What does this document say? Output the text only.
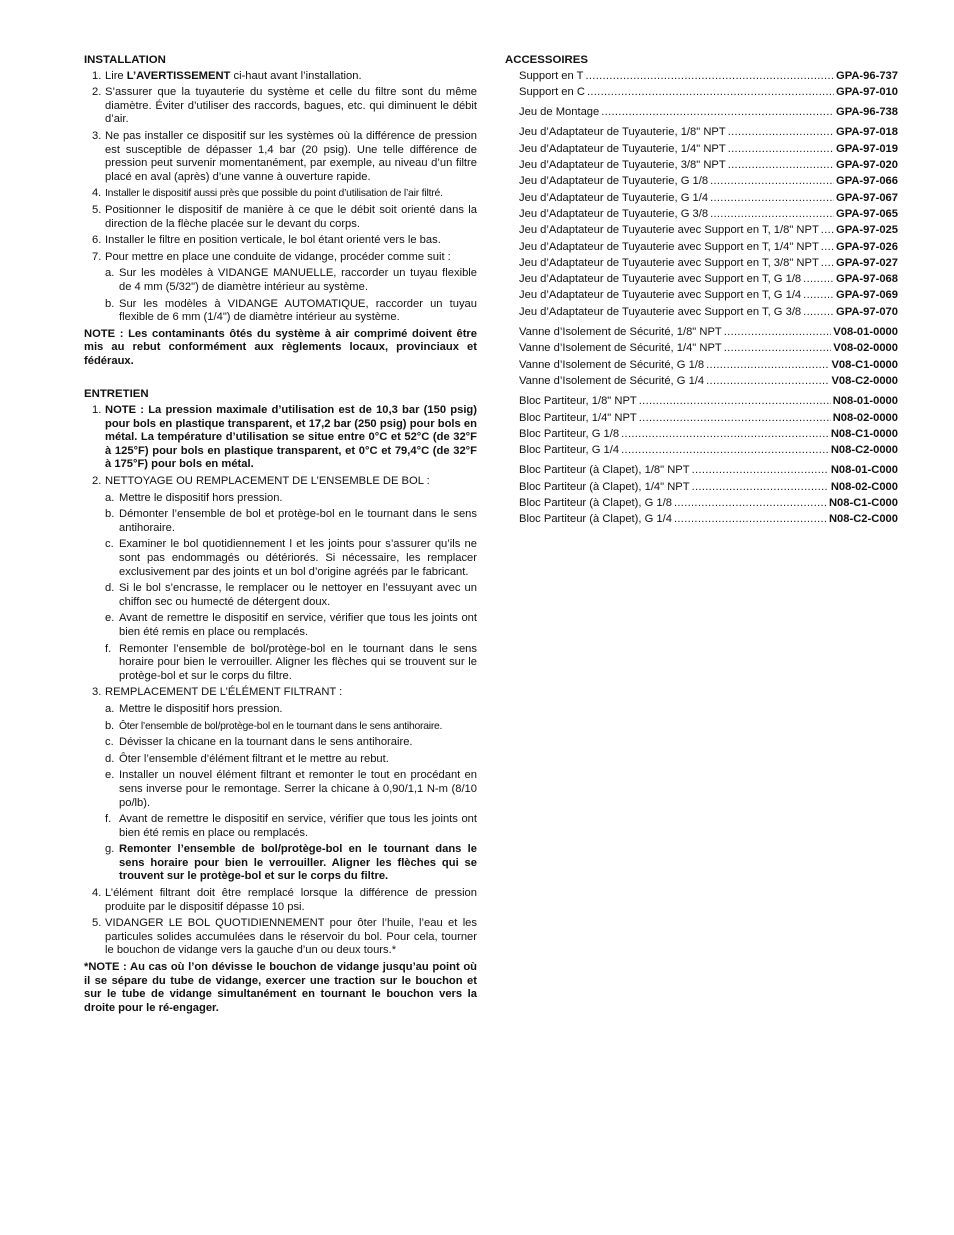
INSTALLATION

1. Lire L’AVERTISSEMENT ci-haut avant l’installation.
2. S’assurer que la tuyauterie du système et celle du filtre sont du même diamètre. Éviter d’utiliser des raccords, bagues, etc. qui diminuent le débit d’air.
3. Ne pas installer ce dispositif sur les systèmes où la différence de pression est susceptible de dépasser 1,4 bar (20 psig). Une telle différence de pression peut survenir momentanément, par exemple, au niveau d’un filtre placé en aval (après) d’une vanne à ouverture rapide.
4. Installer le dispositif aussi près que possible du point d’utilisation de l’air filtré.
5. Positionner le dispositif de manière à ce que le débit soit orienté dans la direction de la flèche placée sur le devant du corps.
6. Installer le filtre en position verticale, le bol étant orienté vers le bas.
7. Pour mettre en place une conduite de vidange, procéder comme suit :
a. Sur les modèles à VIDANGE MANUELLE, raccorder un tuyau flexible de 4 mm (5/32") de diamètre intérieur au système.
b. Sur les modèles à VIDANGE AUTOMATIQUE, raccorder un tuyau flexible de 6 mm (1/4") de diamètre intérieur au système.

NOTE : Les contaminants ôtés du système à air comprimé doivent être mis au rebut conformément aux règlements locaux, provinciaux et fédéraux.

ENTRETIEN

1. NOTE : La pression maximale d’utilisation est de 10,3 bar (150 psig) pour bols en plastique transparent, et 17,2 bar (250 psig) pour bols en métal. La température d’utilisation se situe entre 0°C et 52°C (de 32°F à 125°F) pour bols en plastique transparent, et 0°C et 79,4°C (de 32°F à 175°F) pour bols en métal.
2. NETTOYAGE OU REMPLACEMENT DE L’ENSEMBLE DE BOL :
a. Mettre le dispositif hors pression.
b. Démonter l’ensemble de bol et protège-bol en le tournant dans le sens antihoraire.
c. Examiner le bol quotidiennement l et les joints pour s’assurer qu’ils ne sont pas endommagés ou détériorés. Si nécessaire, les remplacer exclusivement par des joints et un bol d’origine agréés par le fabricant.
d. Si le bol s’encrasse, le remplacer ou le nettoyer en l’essuyant avec un chiffon sec ou humecté de détergent doux.
e. Avant de remettre le dispositif en service, vérifier que tous les joints ont bien été remis en place ou remplacés.
f. Remonter l’ensemble de bol/protège-bol en le tournant dans le sens horaire pour bien le verrouiller. Aligner les flèches qui se trouvent sur le protège-bol et sur le corps du filtre.
3. REMPLACEMENT DE L’ÉLÉMENT FILTRANT :
a. Mettre le dispositif hors pression.
b. Ôter l’ensemble de bol/protège-bol en le tournant dans le sens antihoraire.
c. Dévisser la chicane en la tournant dans le sens antihoraire.
d. Ôter l’ensemble d’élément filtrant et le mettre au rebut.
e. Installer un nouvel élément filtrant et remonter le tout en procédant en sens inverse pour le remontage. Serrer la chicane à 0,90/1,1 N-m (8/10 po/lb).
f. Avant de remettre le dispositif en service, vérifier que tous les joints ont bien été remis en place ou remplacés.
g. Remonter l’ensemble de bol/protège-bol en le tournant dans le sens horaire pour bien le verrouiller. Aligner les flèches qui se trouvent sur le protège-bol et sur le corps du filtre.
4. L’élément filtrant doit être remplacé lorsque la différence de pression produite par le dispositif dépasse 10 psi.
5. VIDANGER LE BOL QUOTIDIENNEMENT pour ôter l’huile, l’eau et les particules solides accumulées dans le réservoir du bol. Pour cela, tourner le bouchon de vidange vers la gauche d’un ou deux tours.*

*NOTE : Au cas où l’on dévisse le bouchon de vidange jusqu’au point où il se sépare du tube de vidange, exercer une traction sur le bouchon et sur le tube de vidange simultanément en tournant le bouchon vers la droite pour le ré-engager.

ACCESSOIRES

Support en T .....	GPA-96-737
Support en C .....	GPA-97-010
Jeu de Montage .....	GPA-96-738
Jeu d’Adaptateur de Tuyauterie, 1/8" NPT .....	GPA-97-018
Jeu d’Adaptateur de Tuyauterie, 1/4" NPT .....	GPA-97-019
Jeu d’Adaptateur de Tuyauterie, 3/8" NPT .....	GPA-97-020
Jeu d’Adaptateur de Tuyauterie, G 1/8 .....	GPA-97-066
Jeu d’Adaptateur de Tuyauterie, G 1/4 .....	GPA-97-067
Jeu d’Adaptateur de Tuyauterie, G 3/8 .....	GPA-97-065
Jeu d’Adaptateur de Tuyauterie avec Support en T, 1/8" NPT ..... GPA-97-025
Jeu d’Adaptateur de Tuyauterie avec Support en T, 1/4" NPT ..... GPA-97-026
Jeu d’Adaptateur de Tuyauterie avec Support en T, 3/8" NPT ..... GPA-97-027
Jeu d’Adaptateur de Tuyauterie avec Support en T, G 1/8 .....	GPA-97-068
Jeu d’Adaptateur de Tuyauterie avec Support en T, G 1/4 .....	GPA-97-069
Jeu d’Adaptateur de Tuyauterie avec Support en T, G 3/8 .....	GPA-97-070
Vanne d’Isolement de Sécurité, 1/8" NPT .....	V08-01-0000
Vanne d’Isolement de Sécurité, 1/4" NPT .....	V08-02-0000
Vanne d’Isolement de Sécurité, G 1/8 .....	V08-C1-0000
Vanne d’Isolement de Sécurité, G 1/4 .....	V08-C2-0000
Bloc Partiteur, 1/8" NPT .....	N08-01-0000
Bloc Partiteur, 1/4" NPT .....	N08-02-0000
Bloc Partiteur, G 1/8 .....	N08-C1-0000
Bloc Partiteur, G 1/4 .....	N08-C2-0000
Bloc Partiteur (à Clapet), 1/8" NPT .....	N08-01-C000
Bloc Partiteur (à Clapet), 1/4" NPT .....	N08-02-C000
Bloc Partiteur (à Clapet), G 1/8 .....	N08-C1-C000
Bloc Partiteur (à Clapet), G 1/4 .....	N08-C2-C000
